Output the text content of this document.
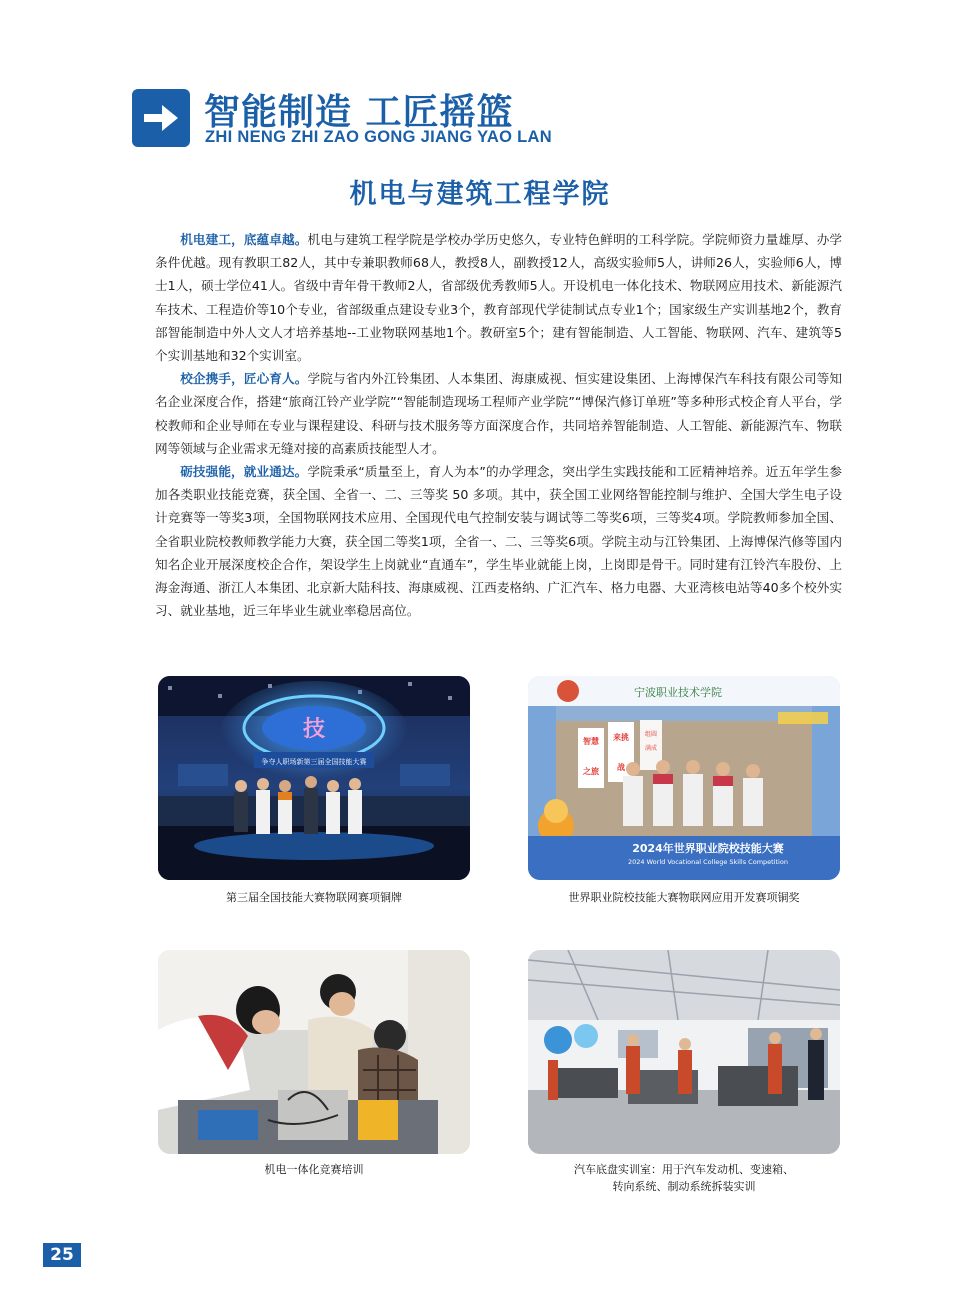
智能制造 工匠摇篮
ZHI NENG ZHI ZAO GONG JIANG YAO LAN
机电与建筑工程学院

机电建工，底蕴卓越。机电与建筑工程学院是学校办学历史悠久，专业特色鲜明的工科学院。学院师资力量雄厚、办学条件优越。现有教职工82人，其中专兼职教师68人，教授8人，副教授12人，高级实验师5人，讲师26人，实验师6人，博士1人，硕士学位41人。省级中青年骨干教师2人，省部级优秀教师5人。开设机电一体化技术、物联网应用技术、新能源汽车技术、工程造价等10个专业，省部级重点建设专业3个，教育部现代学徒制试点专业1个；国家级生产实训基地2个，教育部智能制造中外人文人才培养基地--工业物联网基地1个。教研室5个；建有智能制造、人工智能、物联网、汽车、建筑等5个实训基地和32个实训室。

校企携手，匠心育人。学院与省内外江铃集团、人本集团、海康威视、恒实建设集团、上海博保汽车科技有限公司等知名企业深度合作，搭建“旅商江铃产业学院”“智能制造现场工程师产业学院”“博保汽修订单班”等多种形式校企育人平台，学校教师和企业导师在专业与课程建设、科研与技术服务等方面深度合作，共同培养智能制造、人工智能、新能源汽车、物联网等领域与企业需求无缝对接的高素质技能型人才。

砺技强能，就业通达。学院秉承“质量至上，育人为本”的办学理念，突出学生实践技能和工匠精神培养。近五年学生参加各类职业技能竞赛，获全国、全省一、二、三等奖 50 多项。其中，获全国工业网络智能控制与维护、全国大学生电子设计竞赛等一等奖3项，全国物联网技术应用、全国现代电气控制安装与调试等二等奖6项，三等奖4项。学院教师参加全国、全省职业院校教师教学能力大赛，获全国二等奖1项，全省一、二、三等奖6项。学院主动与江铃集团、上海博保汽修等国内知名企业开展深度校企合作，架设学生上岗就业“直通车”，学生毕业就能上岗，上岗即是骨干。同时建有江铃汽车股份、上海金海通、浙江人本集团、北京新大陆科技、海康威视、江西麦格纳、广汇汽车、格力电器、大亚湾核电站等40多个校外实习、就业基地，近三年毕业生就业率稳居高位。

技
争夺人职场新第三届全国技能大赛
第三届全国技能大赛物联网赛项铜牌
宁波职业技术学院
智慧
之旅
来挑
战
组圆
满成
2024年世界职业院校技能大赛
2024 World Vocational College Skills Competition
世界职业院校技能大赛物联网应用开发赛项铜奖
机电一体化竞赛培训	汽车底盘实训室：用于汽车发动机、变速箱、
转向系统、制动系统拆装实训
25
